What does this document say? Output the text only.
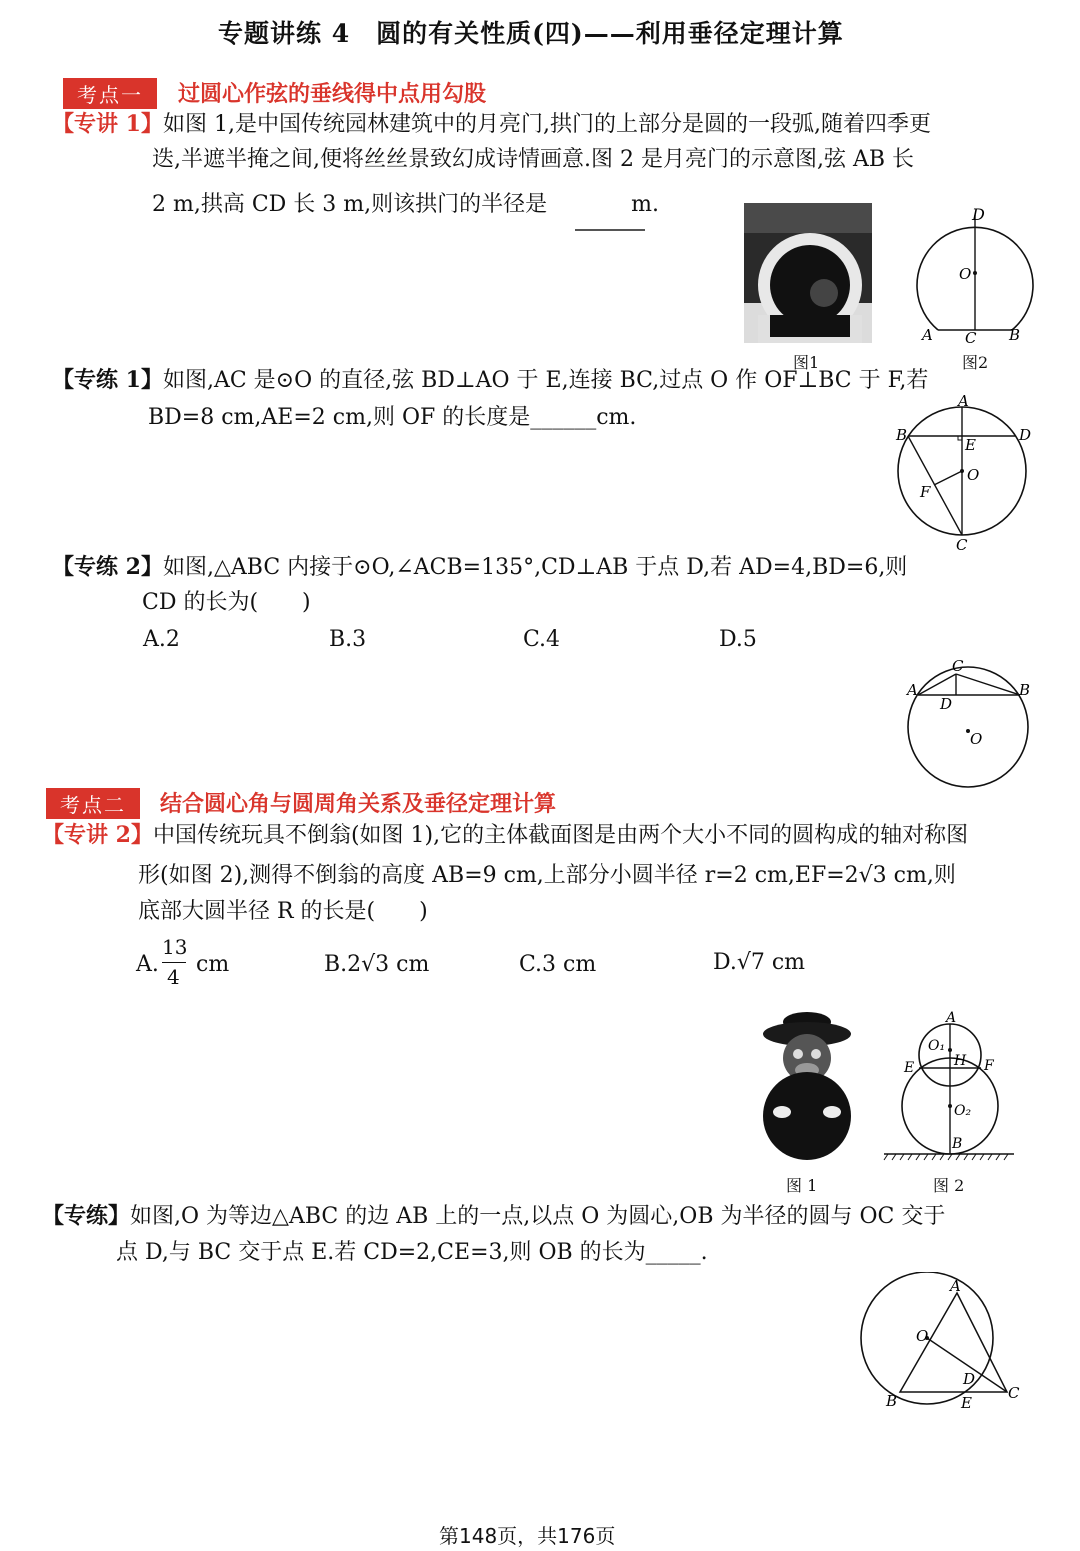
专题讲练 4　圆的有关性质(四)——利用垂径定理计算
考点一	过圆心作弦的垂线得中点用勾股
【专讲 1】如图 1,是中国传统园林建筑中的月亮门,拱门的上部分是圆的一段弧,随着四季更
迭,半遮半掩之间,便将丝丝景致幻成诗情画意.图 2 是月亮门的示意图,弦 AB 长
2 m,拱高 CD 长 3 m,则该拱门的半径是	m.
图1
D
O
A C B
图2
【专练 1】如图,AC 是⊙O 的直径,弦 BD⊥AO 于 E,连接 BC,过点 O 作 OF⊥BC 于 F,若
BD=8 cm,AE=2 cm,则 OF 的长度是______cm.
A
B	D
E
O
F
C
【专练 2】如图,△ABC 内接于⊙O,∠ACB=135°,CD⊥AB 于点 D,若 AD=4,BD=6,则
CD 的长为(　　)
A.2	B.3	C.4	D.5
C
A	B
D
O
考点二	结合圆心角与圆周角关系及垂径定理计算
【专讲 2】中国传统玩具不倒翁(如图 1),它的主体截面图是由两个大小不同的圆构成的轴对称图
形(如图 2),测得不倒翁的高度 AB=9 cm,上部分小圆半径 r=2 cm,EF=2√3 cm,则
底部大圆半径 R 的长是(　　)
A.
13
4 cm	B.2√3 cm	C.3 cm	D.√7 cm
图 1
A
O₁
H
E	F
O₂
B
图 2
【专练】如图,O 为等边△ABC 的边 AB 上的一点,以点 O 为圆心,OB 为半径的圆与 OC 交于
点 D,与 BC 交于点 E.若 CD=2,CE=3,则 OB 的长为_____.
A
O
D
B	E
C
第148页，共176页
